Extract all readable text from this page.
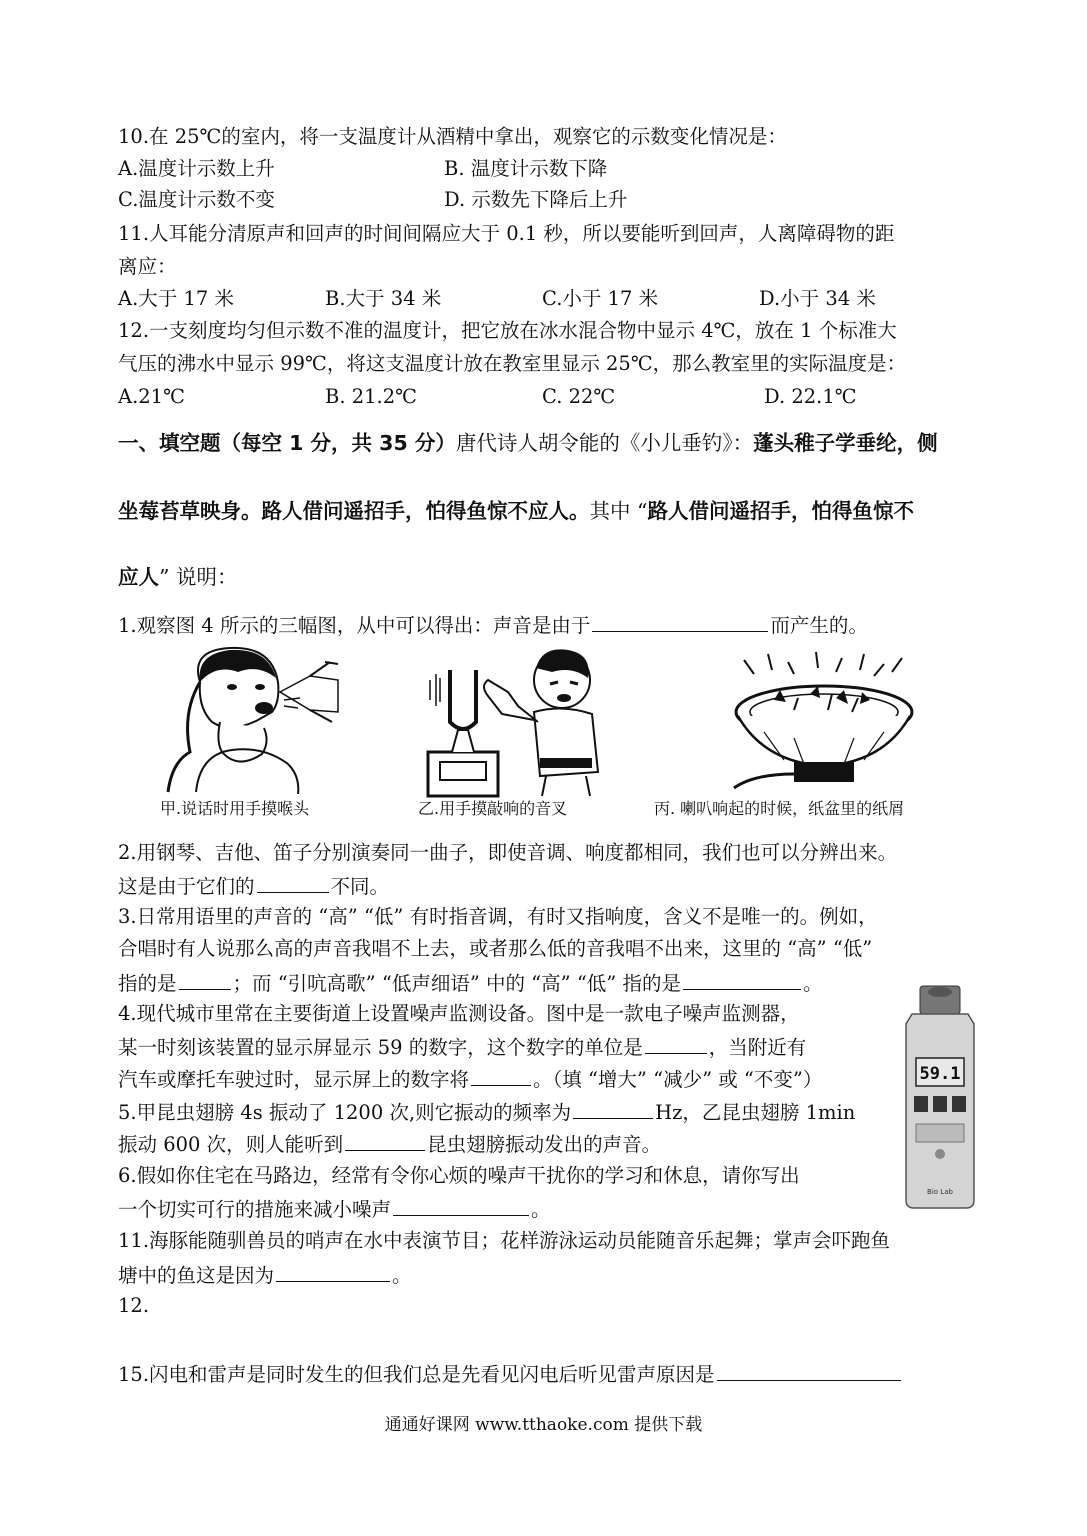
10.在 25℃的室内，将一支温度计从酒精中拿出，观察它的示数变化情况是：
A.温度计示数上升	B. 温度计示数下降
C.温度计示数不变	D. 示数先下降后上升
11.人耳能分清原声和回声的时间间隔应大于 0.1 秒，所以要能听到回声，人离障碍物的距
离应：
A.大于 17 米	B.大于 34 米	C.小于 17 米	D.小于 34 米
12.一支刻度均匀但示数不准的温度计，把它放在冰水混合物中显示 4℃，放在 1 个标准大
气压的沸水中显示 99℃，将这支温度计放在教室里显示 25℃，那么教室里的实际温度是：
A.21℃	B. 21.2℃	C. 22℃	D. 22.1℃
一、填空题（每空 1 分，共 35 分）唐代诗人胡令能的《小儿垂钓》：蓬头稚子学垂纶，侧
坐莓苔草映身。路人借问遥招手，怕得鱼惊不应人。其中 “路人借问遥招手，怕得鱼惊不
应人” 说明：
1.观察图 4 所示的三幅图，从中可以得出：声音是由于	而产生的。
甲.说话时用手摸喉头	乙.用手摸敲响的音叉	丙. 喇叭响起的时候，纸盆里的纸屑
2.用钢琴、吉他、笛子分别演奏同一曲子，即使音调、响度都相同，我们也可以分辨出来。
这是由于它们的	不同。
3.日常用语里的声音的 “高” “低” 有时指音调，有时又指响度，含义不是唯一的。例如，
合唱时有人说那么高的声音我唱不上去，或者那么低的音我唱不出来，这里的 “高” “低”
指的是	；而 “引吭高歌” “低声细语” 中的 “高” “低” 指的是	。
4.现代城市里常在主要街道上设置噪声监测设备。图中是一款电子噪声监测器，
某一时刻该装置的显示屏显示 59 的数字，这个数字的单位是	，当附近有
汽车或摩托车驶过时，显示屏上的数字将	。（填 “增大” “减少” 或 “不变”）	59.1
Bio Lab
5.甲昆虫翅膀 4s 振动了 1200 次,则它振动的频率为	Hz，乙昆虫翅膀 1min
振动 600 次，则人能听到	昆虫翅膀振动发出的声音。
6.假如你住宅在马路边，经常有令你心烦的噪声干扰你的学习和休息，请你写出
一个切实可行的措施来减小噪声	。
11.海豚能随驯兽员的哨声在水中表演节目；花样游泳运动员能随音乐起舞；掌声会吓跑鱼
塘中的鱼这是因为	。
12.
15.闪电和雷声是同时发生的但我们总是先看见闪电后听见雷声原因是
通通好课网 www.tthaoke.com 提供下载
